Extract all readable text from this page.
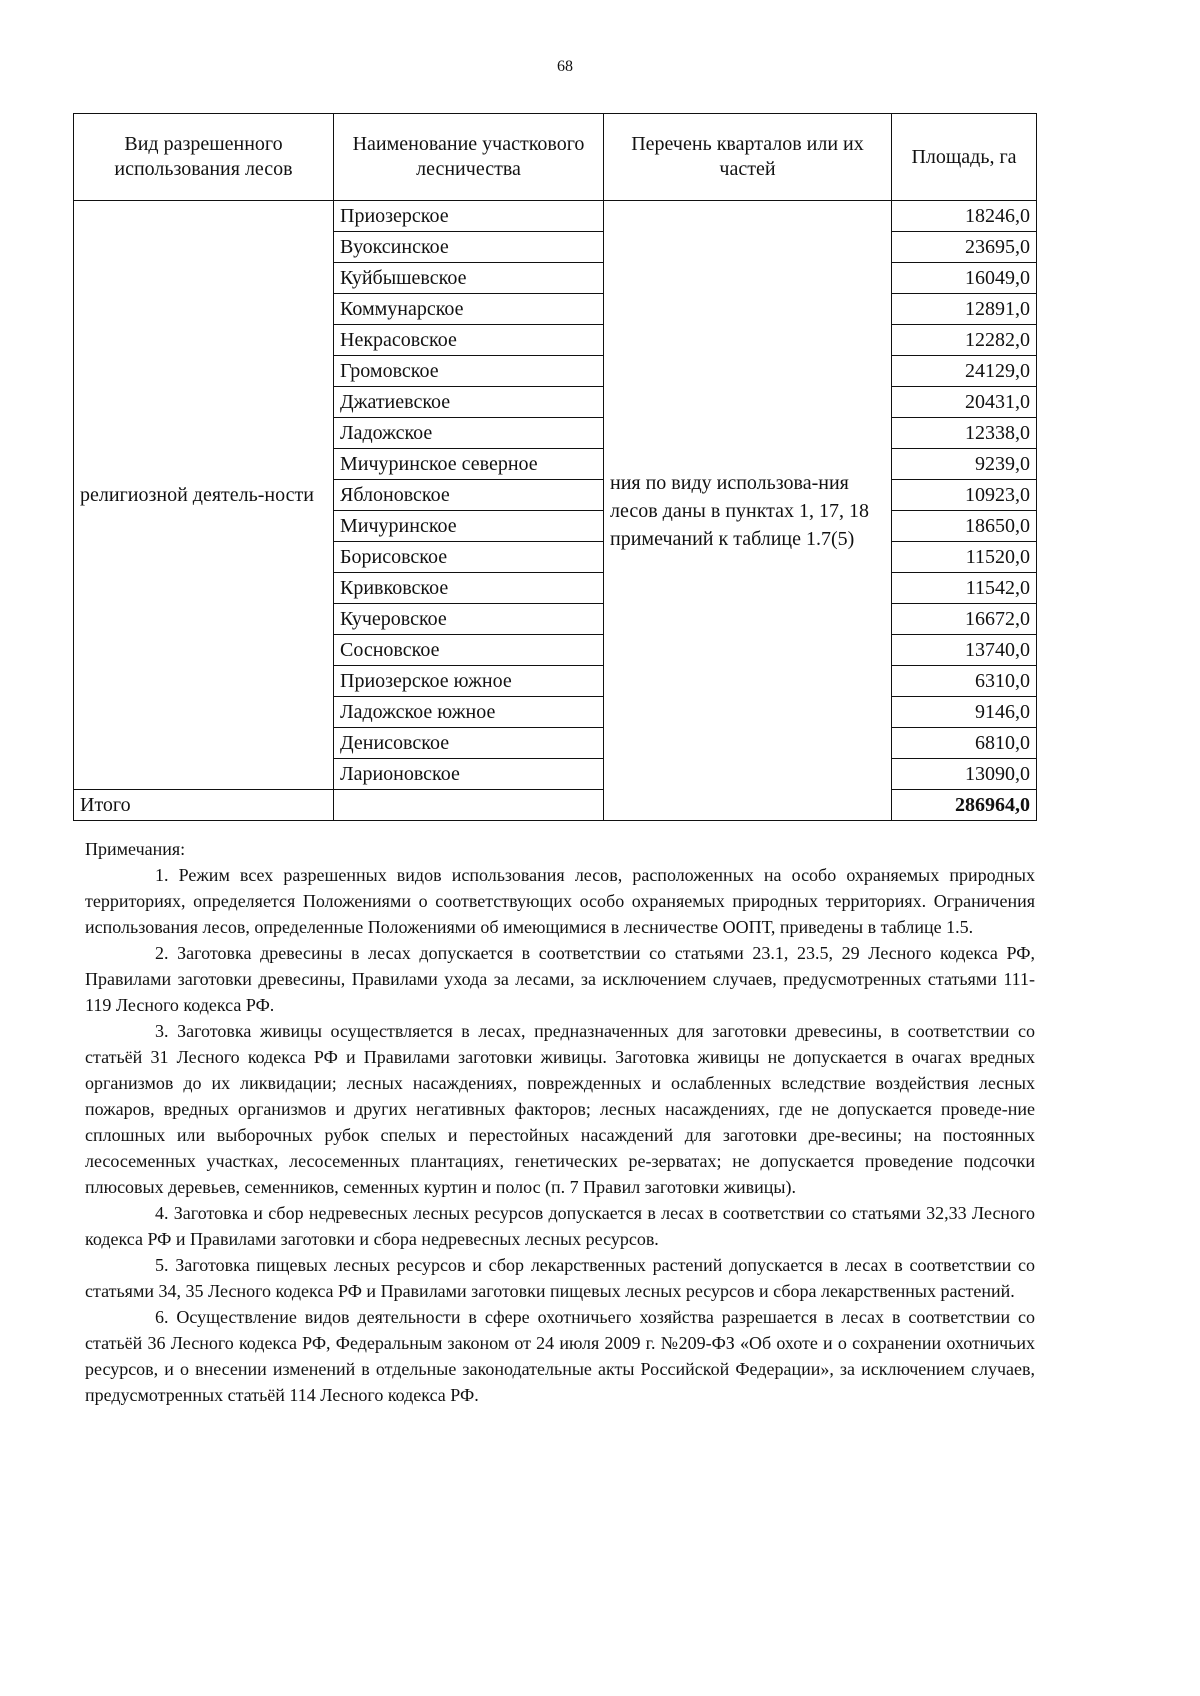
68
Вид разрешенного использования лесов	Наименование участкового лесничества	Перечень кварталов или их частей	Площадь, га
религиозной деятель-ности	Приозерское	ния по виду использова-ния лесов даны в пунктах 1, 17, 18 примечаний к таблице 1.7(5)	18246,0
	Вуоксинское		23695,0
	Куйбышевское		16049,0
	Коммунарское		12891,0
	Некрасовское		12282,0
	Громовское		24129,0
	Джатиевское		20431,0
	Ладожское		12338,0
	Мичуринское северное		9239,0
	Яблоновское		10923,0
	Мичуринское		18650,0
	Борисовское		11520,0
	Кривковское		11542,0
	Кучеровское		16672,0
	Сосновское		13740,0
	Приозерское южное		6310,0
	Ладожское южное		9146,0
	Денисовское		6810,0
	Ларионовское		13090,0
Итого			286964,0

Примечания:

1. Режим всех разрешенных видов использования лесов, расположенных на особо охраняемых природных территориях, определяется Положениями о соответствующих особо охраняемых природных территориях. Ограничения использования лесов, определенные Положениями об имеющимися в лесничестве ООПТ, приведены в таблице 1.5.

2. Заготовка древесины в лесах допускается в соответствии со статьями 23.1, 23.5, 29 Лесного кодекса РФ, Правилами заготовки древесины, Правилами ухода за лесами, за исключением случаев, предусмотренных статьями 111-119 Лесного кодекса РФ.

3. Заготовка живицы осуществляется в лесах, предназначенных для заготовки древесины, в соответствии со статьёй 31 Лесного кодекса РФ и Правилами заготовки живицы. Заготовка живицы не допускается в очагах вредных организмов до их ликвидации; лесных насаждениях, поврежденных и ослабленных вследствие воздействия лесных пожаров, вредных организмов и других негативных факторов; лесных насаждениях, где не допускается проведе-ние сплошных или выборочных рубок спелых и перестойных насаждений для заготовки дре-весины; на постоянных лесосеменных участках, лесосеменных плантациях, генетических ре-зерватах; не допускается проведение подсочки плюсовых деревьев, семенников, семенных куртин и полос (п. 7 Правил заготовки живицы).

4. Заготовка и сбор недревесных лесных ресурсов допускается в лесах в соответствии со статьями 32,33 Лесного кодекса РФ и Правилами заготовки и сбора недревесных лесных ресурсов.

5. Заготовка пищевых лесных ресурсов и сбор лекарственных растений допускается в лесах в соответствии со статьями 34, 35 Лесного кодекса РФ и Правилами заготовки пищевых лесных ресурсов и сбора лекарственных растений.

6. Осуществление видов деятельности в сфере охотничьего хозяйства разрешается в лесах в соответствии со статьёй 36 Лесного кодекса РФ, Федеральным законом от 24 июля 2009 г. №209-ФЗ «Об охоте и о сохранении охотничьих ресурсов, и о внесении изменений в отдельные законодательные акты Российской Федерации», за исключением случаев, предусмотренных статьёй 114 Лесного кодекса РФ.
